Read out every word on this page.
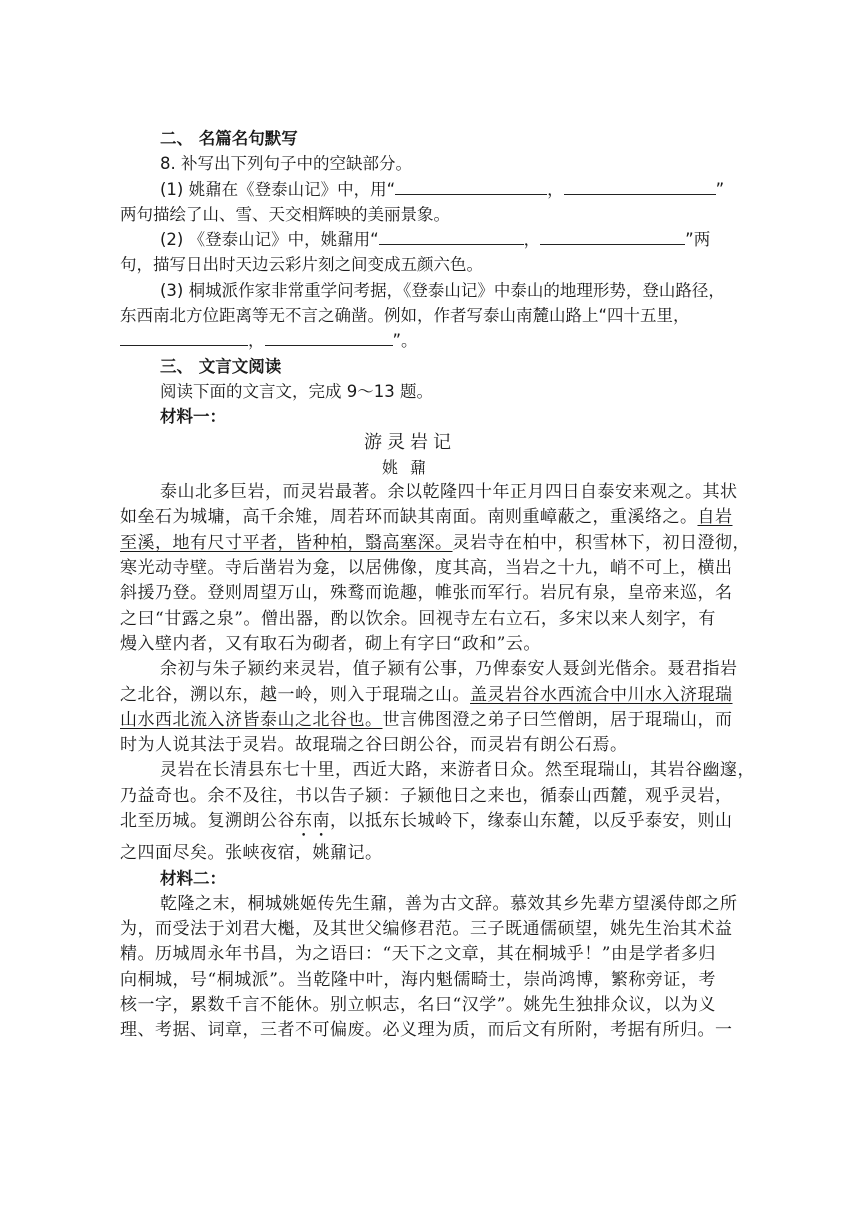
二、 名篇名句默写

8. 补写出下列句子中的空缺部分。

(1) 姚鼐在《登泰山记》中，用“	，	”

两句描绘了山、雪、天交相辉映的美丽景象。

(2) 《登泰山记》中，姚鼐用“	，	”两

句，描写日出时天边云彩片刻之间变成五颜六色。

(3) 桐城派作家非常重学问考据，《登泰山记》中泰山的地理形势，登山路径，

东西南北方位距离等无不言之确凿。例如，作者写泰山南麓山路上“四十五里，

，	”。

三、 文言文阅读

阅读下面的文言文，完成 9～13 题。

材料一：

游灵岩记

姚鼐

泰山北多巨岩，而灵岩最著。余以乾隆四十年正月四日自泰安来观之。其状

如垒石为城墉，高千余雉，周若环而缺其南面。南则重嶂蔽之，重溪络之。自岩

至溪，地有尺寸平者，皆种柏，翳高塞深。灵岩寺在柏中，积雪林下，初日澄彻，

寒光动寺壁。寺后凿岩为龛，以居佛像，度其高，当岩之十九，峭不可上，横出

斜援乃登。登则周望万山，殊鹜而诡趣，帷张而军行。岩凥有泉，皇帝来巡，名

之曰“甘露之泉”。僧出器，酌以饮余。回视寺左右立石，多宋以来人刻字，有

熳入壁内者，又有取石为砌者，砌上有字曰“政和”云。

余初与朱子颍约来灵岩，值子颍有公事，乃俾泰安人聂剑光偕余。聂君指岩

之北谷，溯以东，越一岭，则入于琨瑞之山。盖灵岩谷水西流合中川水入济琨瑞

山水西北流入济皆泰山之北谷也。世言佛图澄之弟子曰竺僧朗，居于琨瑞山，而

时为人说其法于灵岩。故琨瑞之谷曰朗公谷，而灵岩有朗公石焉。

灵岩在长清县东七十里，西近大路，来游者日众。然至琨瑞山，其岩谷幽邃，

乃益奇也。余不及往，书以告子颍：子颍他日之来也，循泰山西麓，观乎灵岩，

北至历城。复溯朗公谷东南，以抵东长城岭下，缘泰山东麓，以反乎泰安，则山

之四面尽矣。张峡夜宿，姚鼐记。

材料二：

乾隆之末，桐城姚姬传先生鼐，善为古文辞。慕效其乡先辈方望溪侍郎之所

为，而受法于刘君大櫆，及其世父编修君范。三子既通儒硕望，姚先生治其术益

精。历城周永年书昌，为之语曰：“天下之文章，其在桐城乎！”由是学者多归

向桐城，号“桐城派”。当乾隆中叶，海内魁儒畸士，崇尚鸿博，繁称旁证，考

核一字，累数千言不能休。别立帜志，名曰“汉学”。姚先生独排众议，以为义

理、考据、词章，三者不可偏废。必义理为质，而后文有所附，考据有所归。一
